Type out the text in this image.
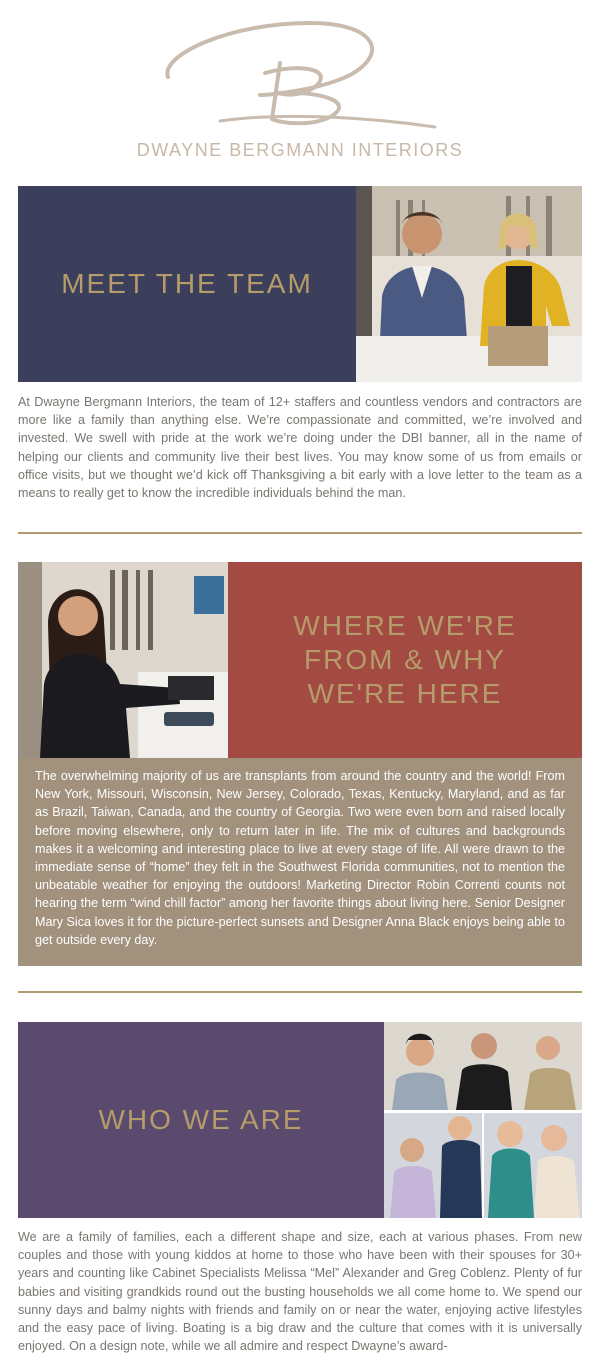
DWAYNE BERGMANN INTERIORS
MEET THE TEAM

At Dwayne Bergmann Interiors, the team of 12+ staffers and countless vendors and contractors are more like a family than anything else. We’re compassionate and committed, we’re involved and invested. We swell with pride at the work we’re doing under the DBI banner, all in the name of helping our clients and community live their best lives. You may know some of us from emails or office visits, but we thought we’d kick off Thanksgiving a bit early with a love letter to the team as a means to really get to know the incredible individuals behind the man.

WHERE WE'RE FROM & WHY WE'RE HERE

The overwhelming majority of us are transplants from around the country and the world! From New York, Missouri, Wisconsin, New Jersey, Colorado, Texas, Kentucky, Maryland, and as far as Brazil, Taiwan, Canada, and the country of Georgia. Two were even born and raised locally before moving elsewhere, only to return later in life. The mix of cultures and backgrounds makes it a welcoming and interesting place to live at every stage of life. All were drawn to the immediate sense of “home” they felt in the Southwest Florida communities, not to mention the unbeatable weather for enjoying the outdoors! Marketing Director Robin Correnti counts not hearing the term “wind chill factor” among her favorite things about living here. Senior Designer Mary Sica loves it for the picture-perfect sunsets and Designer Anna Black enjoys being able to get outside every day.

WHO WE ARE

We are a family of families, each a different shape and size, each at various phases. From new couples and those with young kiddos at home to those who have been with their spouses for 30+ years and counting like Cabinet Specialists Melissa “Mel” Alexander and Greg Coblenz. Plenty of fur babies and visiting grandkids round out the busting households we all come home to. We spend our sunny days and balmy nights with friends and family on or near the water, enjoying active lifestyles and the easy pace of living. Boating is a big draw and the culture that comes with it is universally enjoyed. On a design note, while we all admire and respect Dwayne’s award-
